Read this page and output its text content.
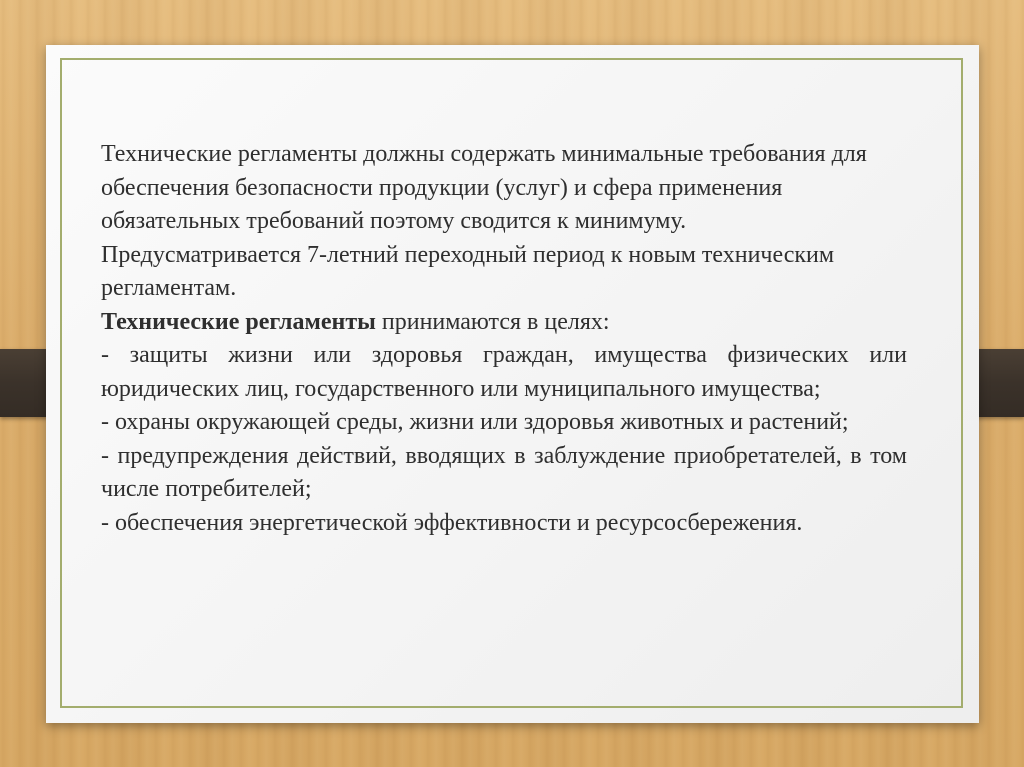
Технические регламенты должны содержать минимальные требования для обеспечения безопасности продукции (услуг) и сфера применения обязательных требований поэтому сводится к минимуму.

Предусматривается 7-летний переходный период к новым техническим регламентам.

Технические регламенты принимаются в целях:

- защиты жизни или здоровья граждан, имущества физических или юридических лиц, государственного или муниципального имущества;

- охраны окружающей среды, жизни или здоровья животных и растений;

- предупреждения действий, вводящих в заблуждение приобретателей, в том числе потребителей;

- обеспечения энергетической эффективности и ресурсосбережения.
